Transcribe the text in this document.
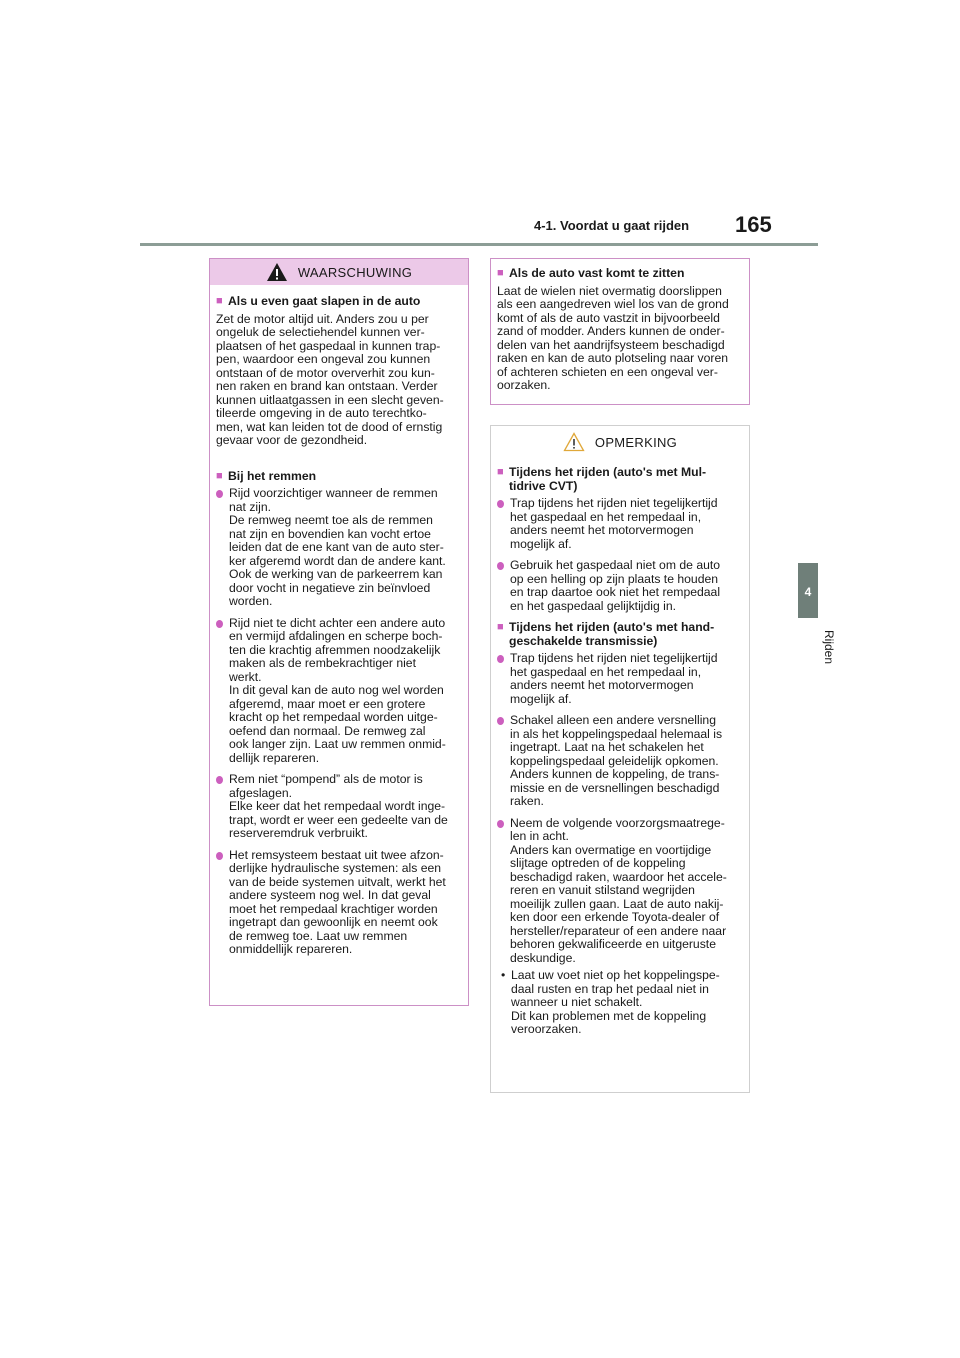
4-1. Voordat u gaat rijden 165
4
Rijden
WAARSCHUWING
■ Als u even gaat slapen in de auto
Zet de motor altijd uit. Anders zou u per
ongeluk de selectiehendel kunnen ver-
plaatsen of het gaspedaal in kunnen trap-
pen, waardoor een ongeval zou kunnen
ontstaan of de motor oververhit zou kun-
nen raken en brand kan ontstaan. Verder
kunnen uitlaatgassen in een slecht geven-
tileerde omgeving in de auto terechtko-
men, wat kan leiden tot de dood of ernstig
gevaar voor de gezondheid.
■ Bij het remmen
Rijd voorzichtiger wanneer de remmen
nat zijn.
De remweg neemt toe als de remmen
nat zijn en bovendien kan vocht ertoe
leiden dat de ene kant van de auto ster-
ker afgeremd wordt dan de andere kant.
Ook de werking van de parkeerrem kan
door vocht in negatieve zin beïnvloed
worden.
Rijd niet te dicht achter een andere auto
en vermijd afdalingen en scherpe boch-
ten die krachtig afremmen noodzakelijk
maken als de rembekrachtiger niet
werkt.
In dit geval kan de auto nog wel worden
afgeremd, maar moet er een grotere
kracht op het rempedaal worden uitge-
oefend dan normaal. De remweg zal
ook langer zijn. Laat uw remmen onmid-
dellijk repareren.
Rem niet “pompend” als de motor is
afgeslagen.
Elke keer dat het rempedaal wordt inge-
trapt, wordt er weer een gedeelte van de
reserveremdruk verbruikt.
Het remsysteem bestaat uit twee afzon-
derlijke hydraulische systemen: als een
van de beide systemen uitvalt, werkt het
andere systeem nog wel. In dat geval
moet het rempedaal krachtiger worden
ingetrapt dan gewoonlijk en neemt ook
de remweg toe. Laat uw remmen
onmiddellijk repareren.
■ Als de auto vast komt te zitten
Laat de wielen niet overmatig doorslippen
als een aangedreven wiel los van de grond
komt of als de auto vastzit in bijvoorbeeld
zand of modder. Anders kunnen de onder-
delen van het aandrijfsysteem beschadigd
raken en kan de auto plotseling naar voren
of achteren schieten en een ongeval ver-
oorzaken.
OPMERKING
■ Tijdens het rijden (auto's met Mul-
tidrive CVT)
Trap tijdens het rijden niet tegelijkertijd
het gaspedaal en het rempedaal in,
anders neemt het motorvermogen
mogelijk af.
Gebruik het gaspedaal niet om de auto
op een helling op zijn plaats te houden
en trap daartoe ook niet het rempedaal
en het gaspedaal gelijktijdig in.
■ Tijdens het rijden (auto's met hand-
geschakelde transmissie)
Trap tijdens het rijden niet tegelijkertijd
het gaspedaal en het rempedaal in,
anders neemt het motorvermogen
mogelijk af.
Schakel alleen een andere versnelling
in als het koppelingspedaal helemaal is
ingetrapt. Laat na het schakelen het
koppelingspedaal geleidelijk opkomen.
Anders kunnen de koppeling, de trans-
missie en de versnellingen beschadigd
raken.
Neem de volgende voorzorgsmaatrege-
len in acht.
Anders kan overmatige en voortijdige
slijtage optreden of de koppeling
beschadigd raken, waardoor het accele-
reren en vanuit stilstand wegrijden
moeilijk zullen gaan. Laat de auto nakij-
ken door een erkende Toyota-dealer of
hersteller/reparateur of een andere naar
behoren gekwalificeerde en uitgeruste
deskundige.
• Laat uw voet niet op het koppelingspe-
daal rusten en trap het pedaal niet in
wanneer u niet schakelt.
Dit kan problemen met de koppeling
veroorzaken.
